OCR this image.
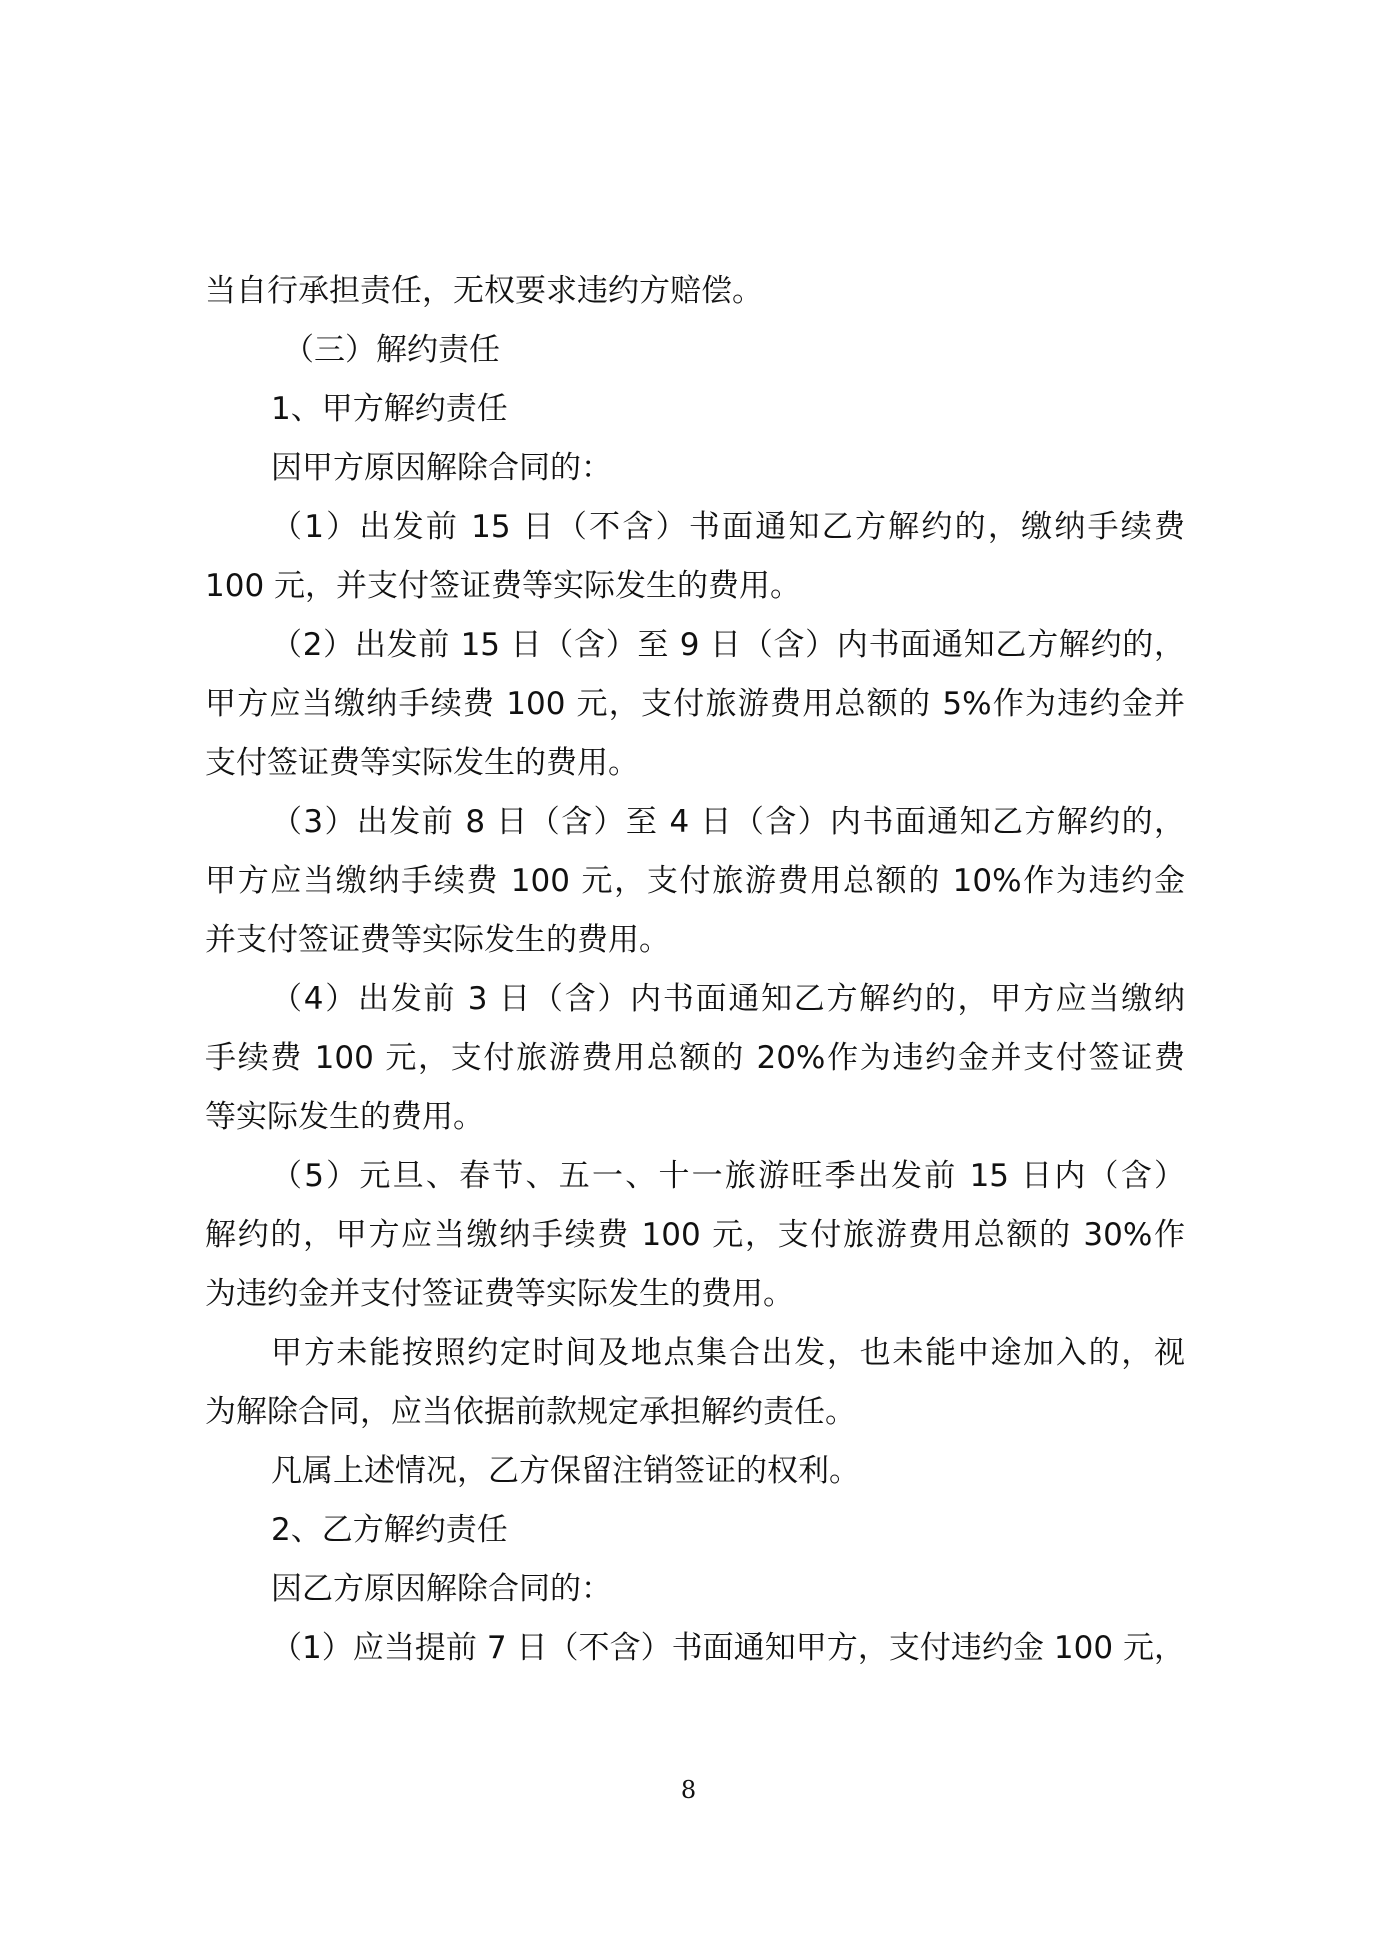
当自行承担责任，无权要求违约方赔偿。
（三）解约责任
1、甲方解约责任
因甲方原因解除合同的：
（1）出发前 15 日（不含）书面通知乙方解约的，缴纳手续费
100 元，并支付签证费等实际发生的费用。
（2）出发前 15 日（含）至 9 日（含）内书面通知乙方解约的，
甲方应当缴纳手续费 100 元，支付旅游费用总额的 5%作为违约金并
支付签证费等实际发生的费用。
（3）出发前 8 日（含）至 4 日（含）内书面通知乙方解约的，
甲方应当缴纳手续费 100 元，支付旅游费用总额的 10%作为违约金
并支付签证费等实际发生的费用。
（4）出发前 3 日（含）内书面通知乙方解约的，甲方应当缴纳
手续费 100 元，支付旅游费用总额的 20%作为违约金并支付签证费
等实际发生的费用。
（5）元旦、春节、五一、十一旅游旺季出发前 15 日内（含）
解约的，甲方应当缴纳手续费 100 元，支付旅游费用总额的 30%作
为违约金并支付签证费等实际发生的费用。
甲方未能按照约定时间及地点集合出发，也未能中途加入的，视
为解除合同，应当依据前款规定承担解约责任。
凡属上述情况，乙方保留注销签证的权利。
2、乙方解约责任
因乙方原因解除合同的：
（1）应当提前 7 日（不含）书面通知甲方，支付违约金 100 元，
8
